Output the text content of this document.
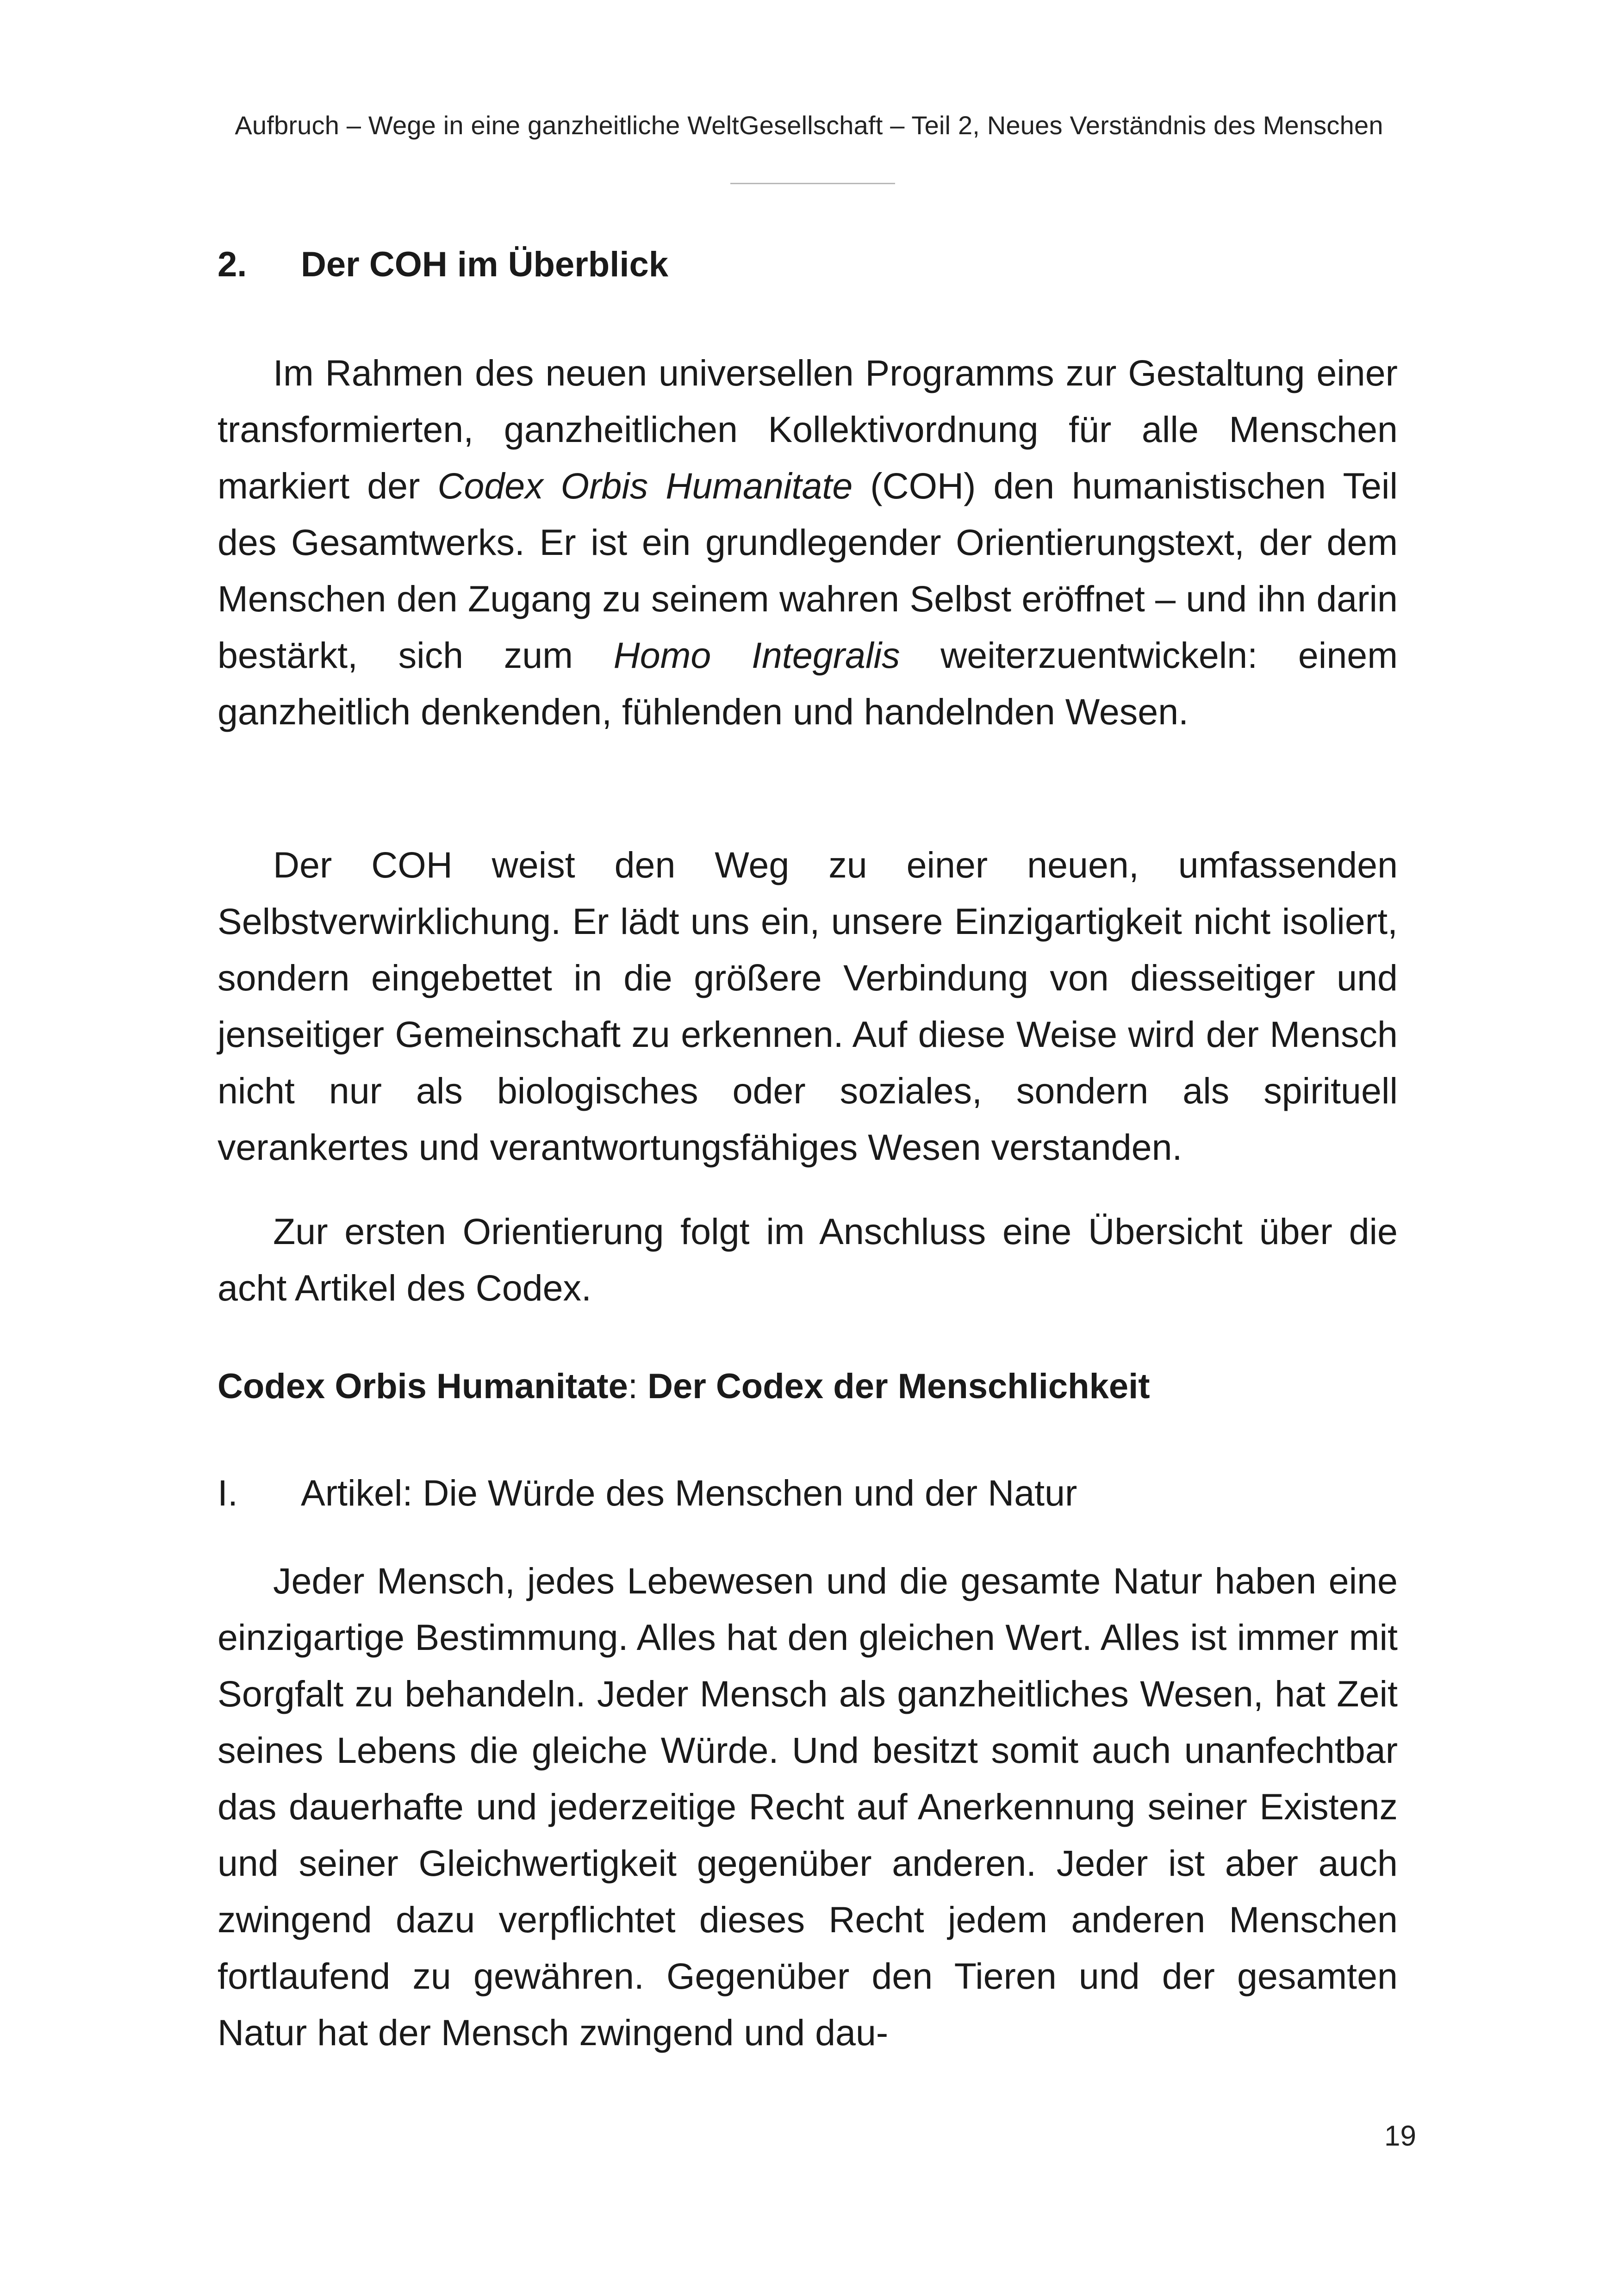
Aufbruch – Wege in eine ganzheitliche WeltGesellschaft – Teil 2, Neues Verständnis des Menschen
2. Der COH im Überblick

Im Rahmen des neuen universellen Programms zur Gestaltung einer transformierten, ganzheitlichen Kollektivordnung für alle Menschen markiert der Codex Orbis Humanitate (COH) den humanistischen Teil des Gesamtwerks. Er ist ein grundlegender Orientierungstext, der dem Menschen den Zugang zu seinem wahren Selbst eröffnet – und ihn darin bestärkt, sich zum Homo Integralis weiterzuentwickeln: einem ganzheitlich denkenden, fühlenden und handelnden Wesen.

Der COH weist den Weg zu einer neuen, umfassenden Selbstverwirklichung. Er lädt uns ein, unsere Einzigartigkeit nicht isoliert, sondern eingebettet in die größere Verbindung von diesseitiger und jenseitiger Gemeinschaft zu erkennen. Auf diese Weise wird der Mensch nicht nur als biologisches oder soziales, sondern als spirituell verankertes und verantwortungsfähiges Wesen verstanden.

Zur ersten Orientierung folgt im Anschluss eine Übersicht über die acht Artikel des Codex.

Codex Orbis Humanitate: Der Codex der Menschlichkeit
I. Artikel: Die Würde des Menschen und der Natur

Jeder Mensch, jedes Lebewesen und die gesamte Natur haben eine einzigartige Bestimmung. Alles hat den gleichen Wert. Alles ist immer mit Sorgfalt zu behandeln. Jeder Mensch als ganzheitliches Wesen, hat Zeit seines Lebens die gleiche Würde. Und besitzt somit auch unanfechtbar das dauerhafte und jederzeitige Recht auf Anerkennung seiner Existenz und seiner Gleichwertigkeit gegenüber anderen. Jeder ist aber auch zwingend dazu verpflichtet dieses Recht jedem anderen Menschen fortlaufend zu gewähren. Gegenüber den Tieren und der gesamten Natur hat der Mensch zwingend und dau-

19
